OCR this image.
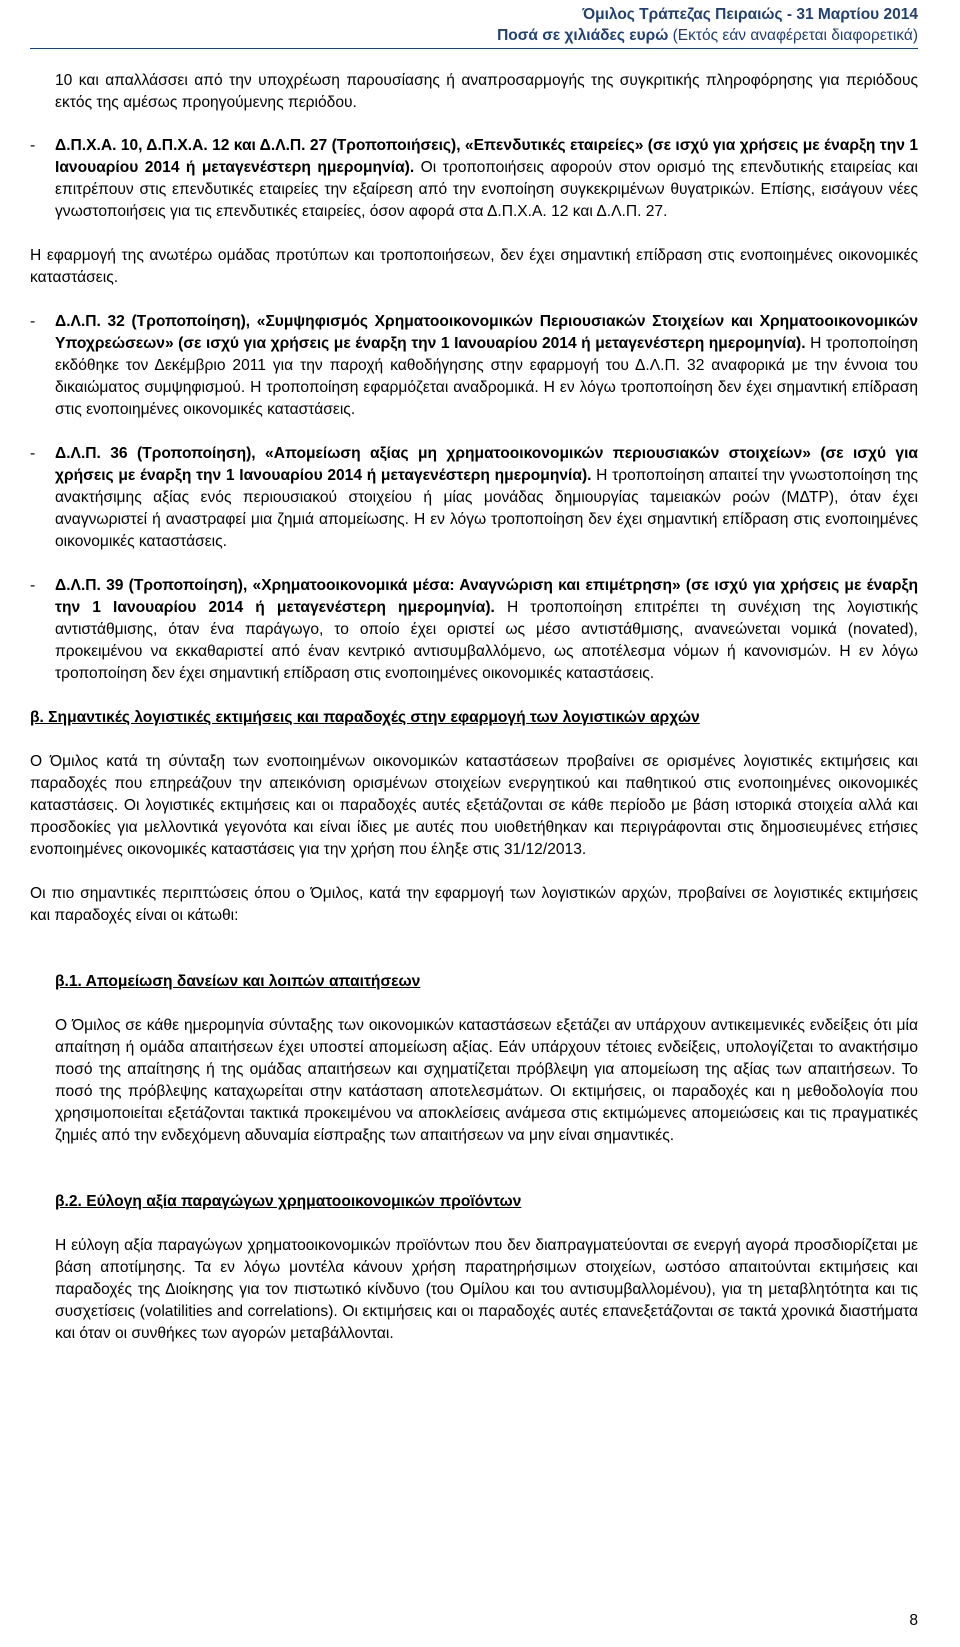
Όμιλος Τράπεζας Πειραιώς - 31 Μαρτίου 2014
Ποσά σε χιλιάδες ευρώ (Εκτός εάν αναφέρεται διαφορετικά)

10 και απαλλάσσει από την υποχρέωση παρουσίασης ή αναπροσαρμογής της συγκριτικής πληροφόρησης για περιόδους εκτός της αμέσως προηγούμενης περιόδου.

-	Δ.Π.Χ.Α. 10, Δ.Π.Χ.Α. 12 και Δ.Λ.Π. 27 (Τροποποιήσεις), «Επενδυτικές εταιρείες» (σε ισχύ για χρήσεις με έναρξη την 1 Ιανουαρίου 2014 ή μεταγενέστερη ημερομηνία). Οι τροποποιήσεις αφορούν στον ορισμό της επενδυτικής εταιρείας και επιτρέπουν στις επενδυτικές εταιρείες την εξαίρεση από την ενοποίηση συγκεκριμένων θυγατρικών. Επίσης, εισάγουν νέες γνωστοποιήσεις για τις επενδυτικές εταιρείες, όσον αφορά στα Δ.Π.Χ.Α. 12 και Δ.Λ.Π. 27.

Η εφαρμογή της ανωτέρω ομάδας προτύπων και τροποποιήσεων, δεν έχει σημαντική επίδραση στις ενοποιημένες οικονομικές καταστάσεις.

-	Δ.Λ.Π. 32 (Τροποποίηση), «Συμψηφισμός Χρηματοοικονομικών Περιουσιακών Στοιχείων και Χρηματοοικονομικών Υποχρεώσεων» (σε ισχύ για χρήσεις με έναρξη την 1 Ιανουαρίου 2014 ή μεταγενέστερη ημερομηνία). Η τροποποίηση εκδόθηκε τον Δεκέμβριο 2011 για την παροχή καθοδήγησης στην εφαρμογή του Δ.Λ.Π. 32 αναφορικά με την έννοια του δικαιώματος συμψηφισμού. Η τροποποίηση εφαρμόζεται αναδρομικά. Η εν λόγω τροποποίηση δεν έχει σημαντική επίδραση στις ενοποιημένες οικονομικές καταστάσεις.

-	Δ.Λ.Π. 36 (Τροποποίηση), «Απομείωση αξίας μη χρηματοοικονομικών περιουσιακών στοιχείων» (σε ισχύ για χρήσεις με έναρξη την 1 Ιανουαρίου 2014 ή μεταγενέστερη ημερομηνία). Η τροποποίηση απαιτεί την γνωστοποίηση της ανακτήσιμης αξίας ενός περιουσιακού στοιχείου ή μίας μονάδας δημιουργίας ταμειακών ροών (ΜΔΤΡ), όταν έχει αναγνωριστεί ή αναστραφεί μια ζημιά απομείωσης. Η εν λόγω τροποποίηση δεν έχει σημαντική επίδραση στις ενοποιημένες οικονομικές καταστάσεις.

-	Δ.Λ.Π. 39 (Τροποποίηση), «Χρηματοοικονομικά μέσα: Αναγνώριση και επιμέτρηση» (σε ισχύ για χρήσεις με έναρξη την 1 Ιανουαρίου 2014 ή μεταγενέστερη ημερομηνία). Η τροποποίηση επιτρέπει τη συνέχιση της λογιστικής αντιστάθμισης, όταν ένα παράγωγο, το οποίο έχει οριστεί ως μέσο αντιστάθμισης, ανανεώνεται νομικά (novated), προκειμένου να εκκαθαριστεί από έναν κεντρικό αντισυμβαλλόμενο, ως αποτέλεσμα νόμων ή κανονισμών. Η εν λόγω τροποποίηση δεν έχει σημαντική επίδραση στις ενοποιημένες οικονομικές καταστάσεις.

β. Σημαντικές λογιστικές εκτιμήσεις και παραδοχές στην εφαρμογή των λογιστικών αρχών

Ο Όμιλος κατά τη σύνταξη των ενοποιημένων οικονομικών καταστάσεων προβαίνει σε ορισμένες λογιστικές εκτιμήσεις και παραδοχές που επηρεάζουν την απεικόνιση ορισμένων στοιχείων ενεργητικού και παθητικού στις ενοποιημένες οικονομικές καταστάσεις. Οι λογιστικές εκτιμήσεις και οι παραδοχές αυτές εξετάζονται σε κάθε περίοδο με βάση ιστορικά στοιχεία αλλά και προσδοκίες για μελλοντικά γεγονότα και είναι ίδιες με αυτές που υιοθετήθηκαν και περιγράφονται στις δημοσιευμένες ετήσιες ενοποιημένες οικονομικές καταστάσεις για την χρήση που έληξε στις 31/12/2013.

Οι πιο σημαντικές περιπτώσεις όπου ο Όμιλος, κατά την εφαρμογή των λογιστικών αρχών, προβαίνει σε λογιστικές εκτιμήσεις και παραδοχές είναι οι κάτωθι:

β.1. Απομείωση δανείων και λοιπών απαιτήσεων

Ο Όμιλος σε κάθε ημερομηνία σύνταξης των οικονομικών καταστάσεων εξετάζει αν υπάρχουν αντικειμενικές ενδείξεις ότι μία απαίτηση ή ομάδα απαιτήσεων έχει υποστεί απομείωση αξίας. Εάν υπάρχουν τέτοιες ενδείξεις, υπολογίζεται το ανακτήσιμο ποσό της απαίτησης ή της ομάδας απαιτήσεων και σχηματίζεται πρόβλεψη για απομείωση της αξίας των απαιτήσεων. Το ποσό της πρόβλεψης καταχωρείται στην κατάσταση αποτελεσμάτων. Οι εκτιμήσεις, οι παραδοχές και η μεθοδολογία που χρησιμοποιείται εξετάζονται τακτικά προκειμένου να αποκλείσεις ανάμεσα στις εκτιμώμενες απομειώσεις και τις πραγματικές ζημιές από την ενδεχόμενη αδυναμία είσπραξης των απαιτήσεων να μην είναι σημαντικές.

β.2. Εύλογη αξία παραγώγων χρηματοοικονομικών προϊόντων

Η εύλογη αξία παραγώγων χρηματοοικονομικών προϊόντων που δεν διαπραγματεύονται σε ενεργή αγορά προσδιορίζεται με βάση αποτίμησης. Τα εν λόγω μοντέλα κάνουν χρήση παρατηρήσιμων στοιχείων, ωστόσο απαιτούνται εκτιμήσεις και παραδοχές της Διοίκησης για τον πιστωτικό κίνδυνο (του Ομίλου και του αντισυμβαλλομένου), για τη μεταβλητότητα και τις συσχετίσεις (volatilities and correlations). Οι εκτιμήσεις και οι παραδοχές αυτές επανεξετάζονται σε τακτά χρονικά διαστήματα και όταν οι συνθήκες των αγορών μεταβάλλονται.

8
